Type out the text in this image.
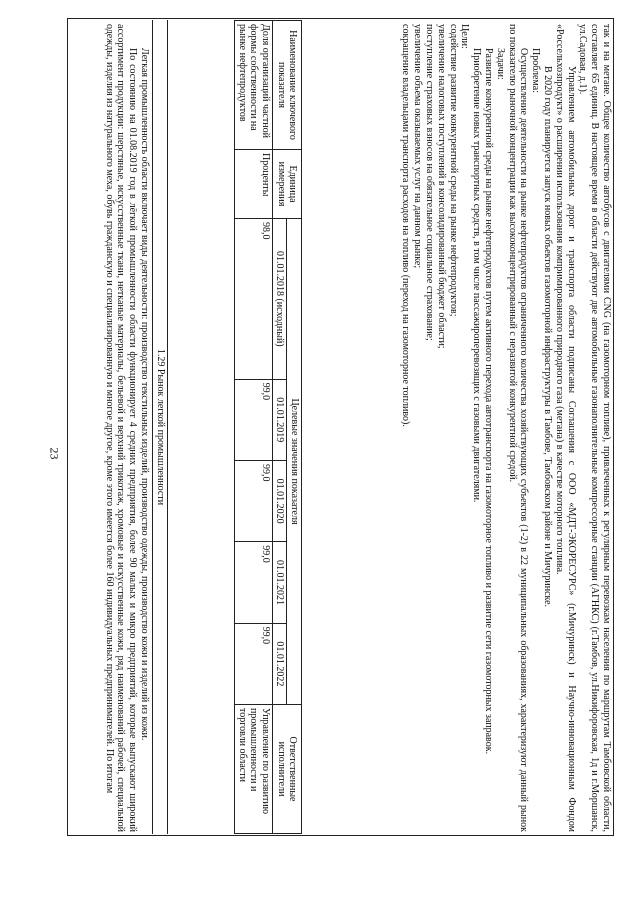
23	так и на метане. Общее количество автобусов с двигателями CNG (на газомоторном топливе), привлеченных к регулярным перевозкам населения по маршрутам Тамбовской области, составляет 65 единиц. В настоящее время в области действуют две автомобильные газонаполнительные компрессорные станции (АГНКС) (г.Тамбов, ул.Никифоровская, 1д и г.Моршанск, ул.Садовая, д.1).

Управлением автомобильных дорог и транспорта области подписаны Соглашения с ООО «МДТ-ЭКОРЕСУРС» (г.Мичуринск) и Научно-инновационным Фондом «Россельхозпродукт» о расширении использования компримированного природного газа (метана) в качестве моторного топлива.

В 2020 году планируется запуск новых объектов газомоторной инфраструктуры в Тамбове, Тамбовском районе и Мичуринске.

Проблема:

Осуществление деятельности на рынке нефтепродуктов ограниченного количества хозяйствующих субъектов (1-2) в 22 муниципальных образованиях, характеризуют данный рынок по показателю рыночной концентрации как высококонцентрированный с неразвитой конкурентной средой.

Задачи:

Развитие конкурентной среды на рынке нефтепродуктов путем активного перехода автотранспорта на газомоторное топливо и развитие сети газомоторных заправок.

Приобретение новых транспортных средств, в том числе пассажироперевозящих с газовыми двигателями.

Цели:

содействие развитие конкурентной среды на рынке нефтепродуктов;

увеличение налоговых поступлений в консолидированный бюджет области;

поступление страховых взносов на обязательное социальное страхование;

увеличение объема оказываемых услуг на данном рынке;

сокращение владельцами транспорта расходов на топливо (переход на газомоторное топливо).

Наименование ключевого показателя	Единица измерения	Целевые значения показателя					Ответственные исполнители
		01.01.2018 (исходный)	01.01.2019	01.01.2020	01.01.2021	01.01.2022	
Доля организаций частной формы собственности на рынке нефтепродуктов	Проценты	98,0	99,0	99,0	99,0	99,0	Управление по развитию промышленности и торговли области
1.29 Рынок легкой промышленности

Легкая промышленность области включает виды деятельности: производство текстильных изделий, производство одежды, производство кожи и изделий из кожи.

По состоянию на 01.08.2019 год в лёгкой промышленности области функционирует 4 средних предприятия, более 90 малых и микро предприятий, которые выпускают широкий ассортимент продукции: шерстяные, искусственные ткани, нетканые материалы, бельевой и верхний трикотаж, хромовые и искусственные кожи, ряд наименований рабочей, специальной одежды, изделия из натурального меха, обувь гражданскую и специализированную и многое другое, кроме этого имеется более 160 индивидуальных предпринимателей. По итогам
